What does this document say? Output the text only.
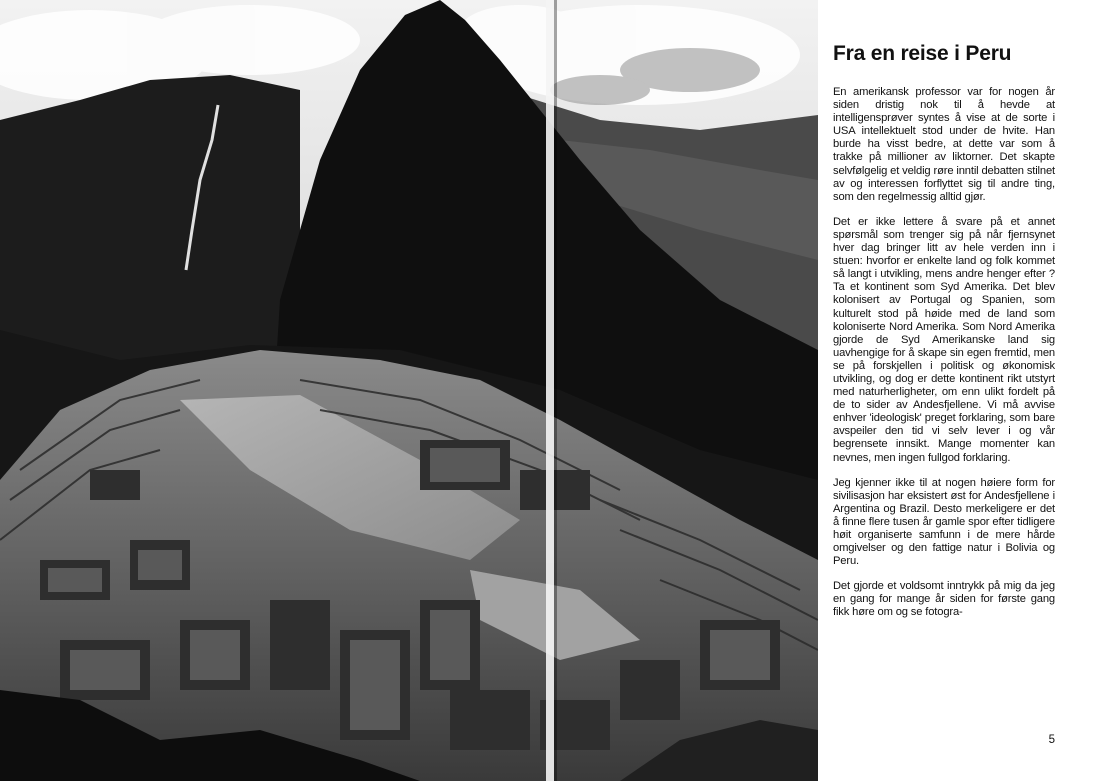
Fra en reise i Peru

En amerikansk professor var for nogen år siden dristig nok til å hevde at intelligensprøver syntes å vise at de sorte i USA intellektuelt stod under de hvite. Han burde ha visst bedre, at dette var som å trakke på millioner av liktorner. Det skapte selvfølgelig et veldig røre inntil debatten stilnet av og interessen forflyttet sig til andre ting, som den regelmessig alltid gjør.

Det er ikke lettere å svare på et annet spørsmål som trenger sig på når fjernsynet hver dag bringer litt av hele verden inn i stuen: hvorfor er enkelte land og folk kommet så langt i utvikling, mens andre henger efter ? Ta et kontinent som Syd Amerika. Det blev kolonisert av Portugal og Spanien, som kulturelt stod på høide med de land som koloniserte Nord Amerika. Som Nord Amerika gjorde de Syd Amerikanske land sig uavhengige for å skape sin egen fremtid, men se på forskjellen i politisk og økonomisk utvikling, og dog er dette kontinent rikt utstyrt med naturherligheter, om enn ulikt fordelt på de to sider av Andesfjellene. Vi må avvise enhver 'ideologisk' preget forklaring, som bare avspeiler den tid vi selv lever i og vår begrensete innsikt. Mange momenter kan nevnes, men ingen fullgod forklaring.

Jeg kjenner ikke til at nogen høiere form for sivilisasjon har eksistert øst for Andesfjellene i Argentina og Brazil. Desto merkeligere er det å finne flere tusen år gamle spor efter tidligere høit organiserte samfunn i de mere hårde omgivelser og den fattige natur i Bolivia og Peru.

Det gjorde et voldsomt inntrykk på mig da jeg en gang for mange år siden for første gang fikk høre om og se fotogra-

5
